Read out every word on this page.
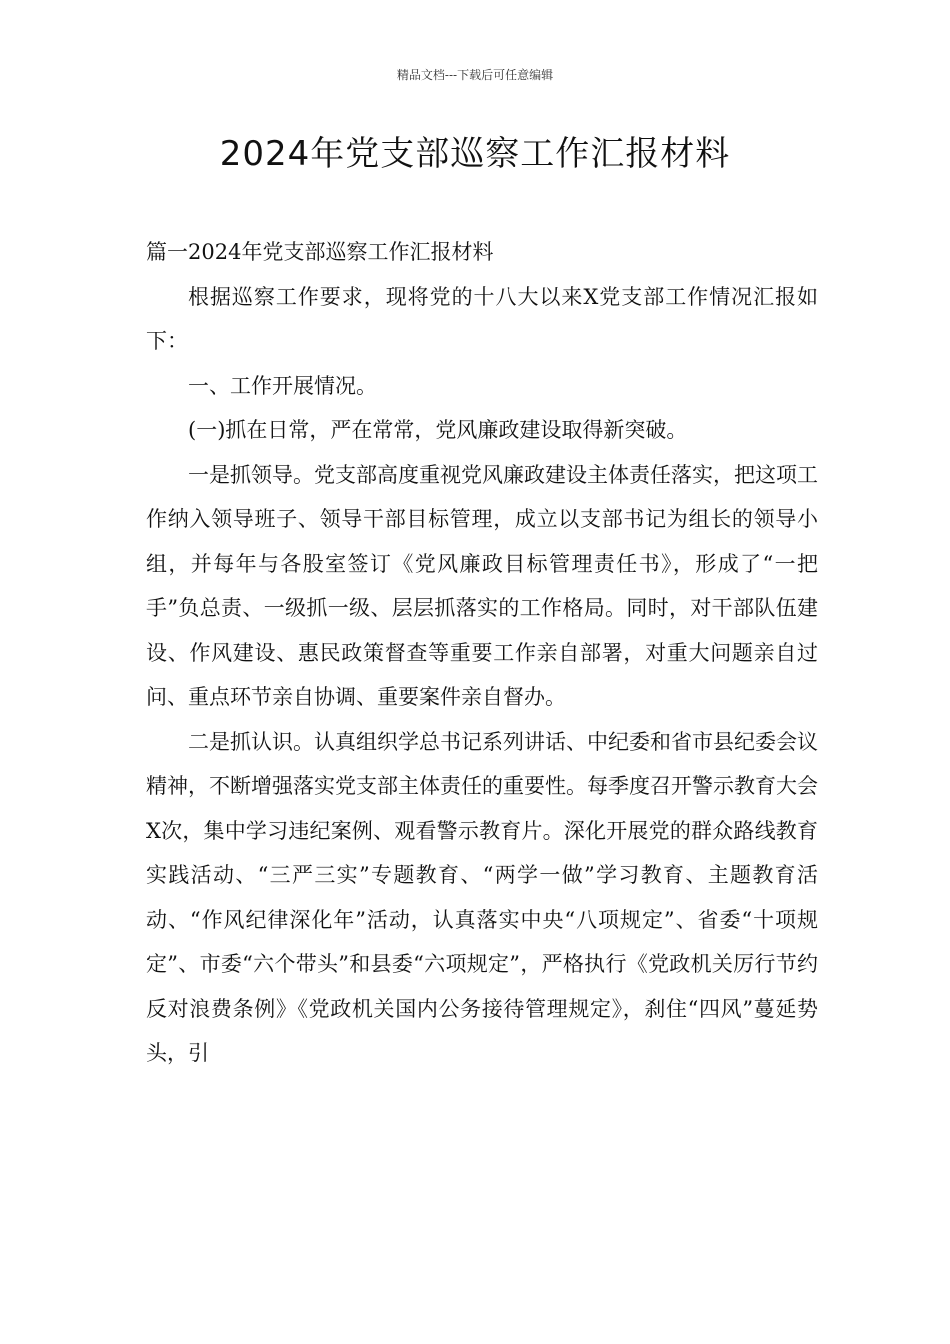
精品文档---下载后可任意编辑
2024年党支部巡察工作汇报材料

篇一2024年党支部巡察工作汇报材料

根据巡察工作要求，现将党的十八大以来X党支部工作情况汇报如下：

一、工作开展情况。

(一)抓在日常，严在常常，党风廉政建设取得新突破。

一是抓领导。党支部高度重视党风廉政建设主体责任落实，把这项工作纳入领导班子、领导干部目标管理，成立以支部书记为组长的领导小组，并每年与各股室签订《党风廉政目标管理责任书》，形成了“一把手”负总责、一级抓一级、层层抓落实的工作格局。同时，对干部队伍建设、作风建设、惠民政策督查等重要工作亲自部署，对重大问题亲自过问、重点环节亲自协调、重要案件亲自督办。

二是抓认识。认真组织学总书记系列讲话、中纪委和省市县纪委会议精神，不断增强落实党支部主体责任的重要性。每季度召开警示教育大会X次，集中学习违纪案例、观看警示教育片。深化开展党的群众路线教育实践活动、“三严三实”专题教育、“两学一做”学习教育、主题教育活动、“作风纪律深化年”活动，认真落实中央“八项规定”、省委“十项规定”、市委“六个带头”和县委“六项规定”，严格执行《党政机关厉行节约反对浪费条例》《党政机关国内公务接待管理规定》，刹住“四风”蔓延势头，引
